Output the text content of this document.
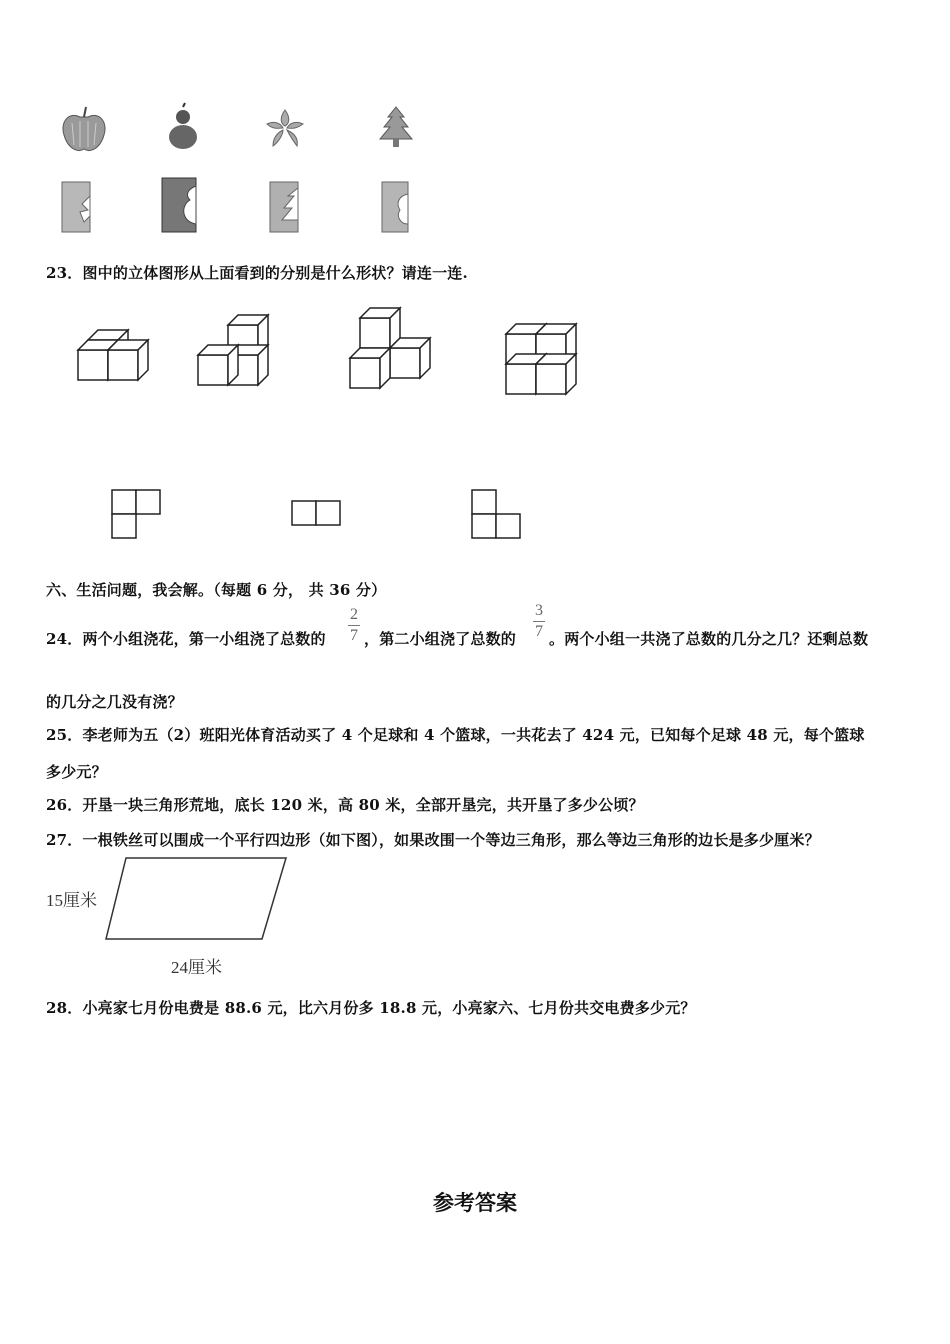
23．图中的立体图形从上面看到的分别是什么形状？请连一连.
六、生活问题，我会解。（每题 6 分， 共 36 分）
24．两个小组浇花，第一小组浇了总数的
2
7 ，第二小组浇了总数的
3
7 。两个小组一共浇了总数的几分之几？还剩总数
的几分之几没有浇？
25．李老师为五（2）班阳光体育活动买了 4 个足球和 4 个篮球，一共花去了 424 元，已知每个足球 48 元，每个篮球
多少元？
26．开垦一块三角形荒地，底长 120 米，高 80 米，全部开垦完，共开垦了多少公顷？
27．一根铁丝可以围成一个平行四边形（如下图），如果改围一个等边三角形，那么等边三角形的边长是多少厘米？
15厘米
24厘米
28．小亮家七月份电费是 88.6 元，比六月份多 18.8 元，小亮家六、七月份共交电费多少元？
参考答案
